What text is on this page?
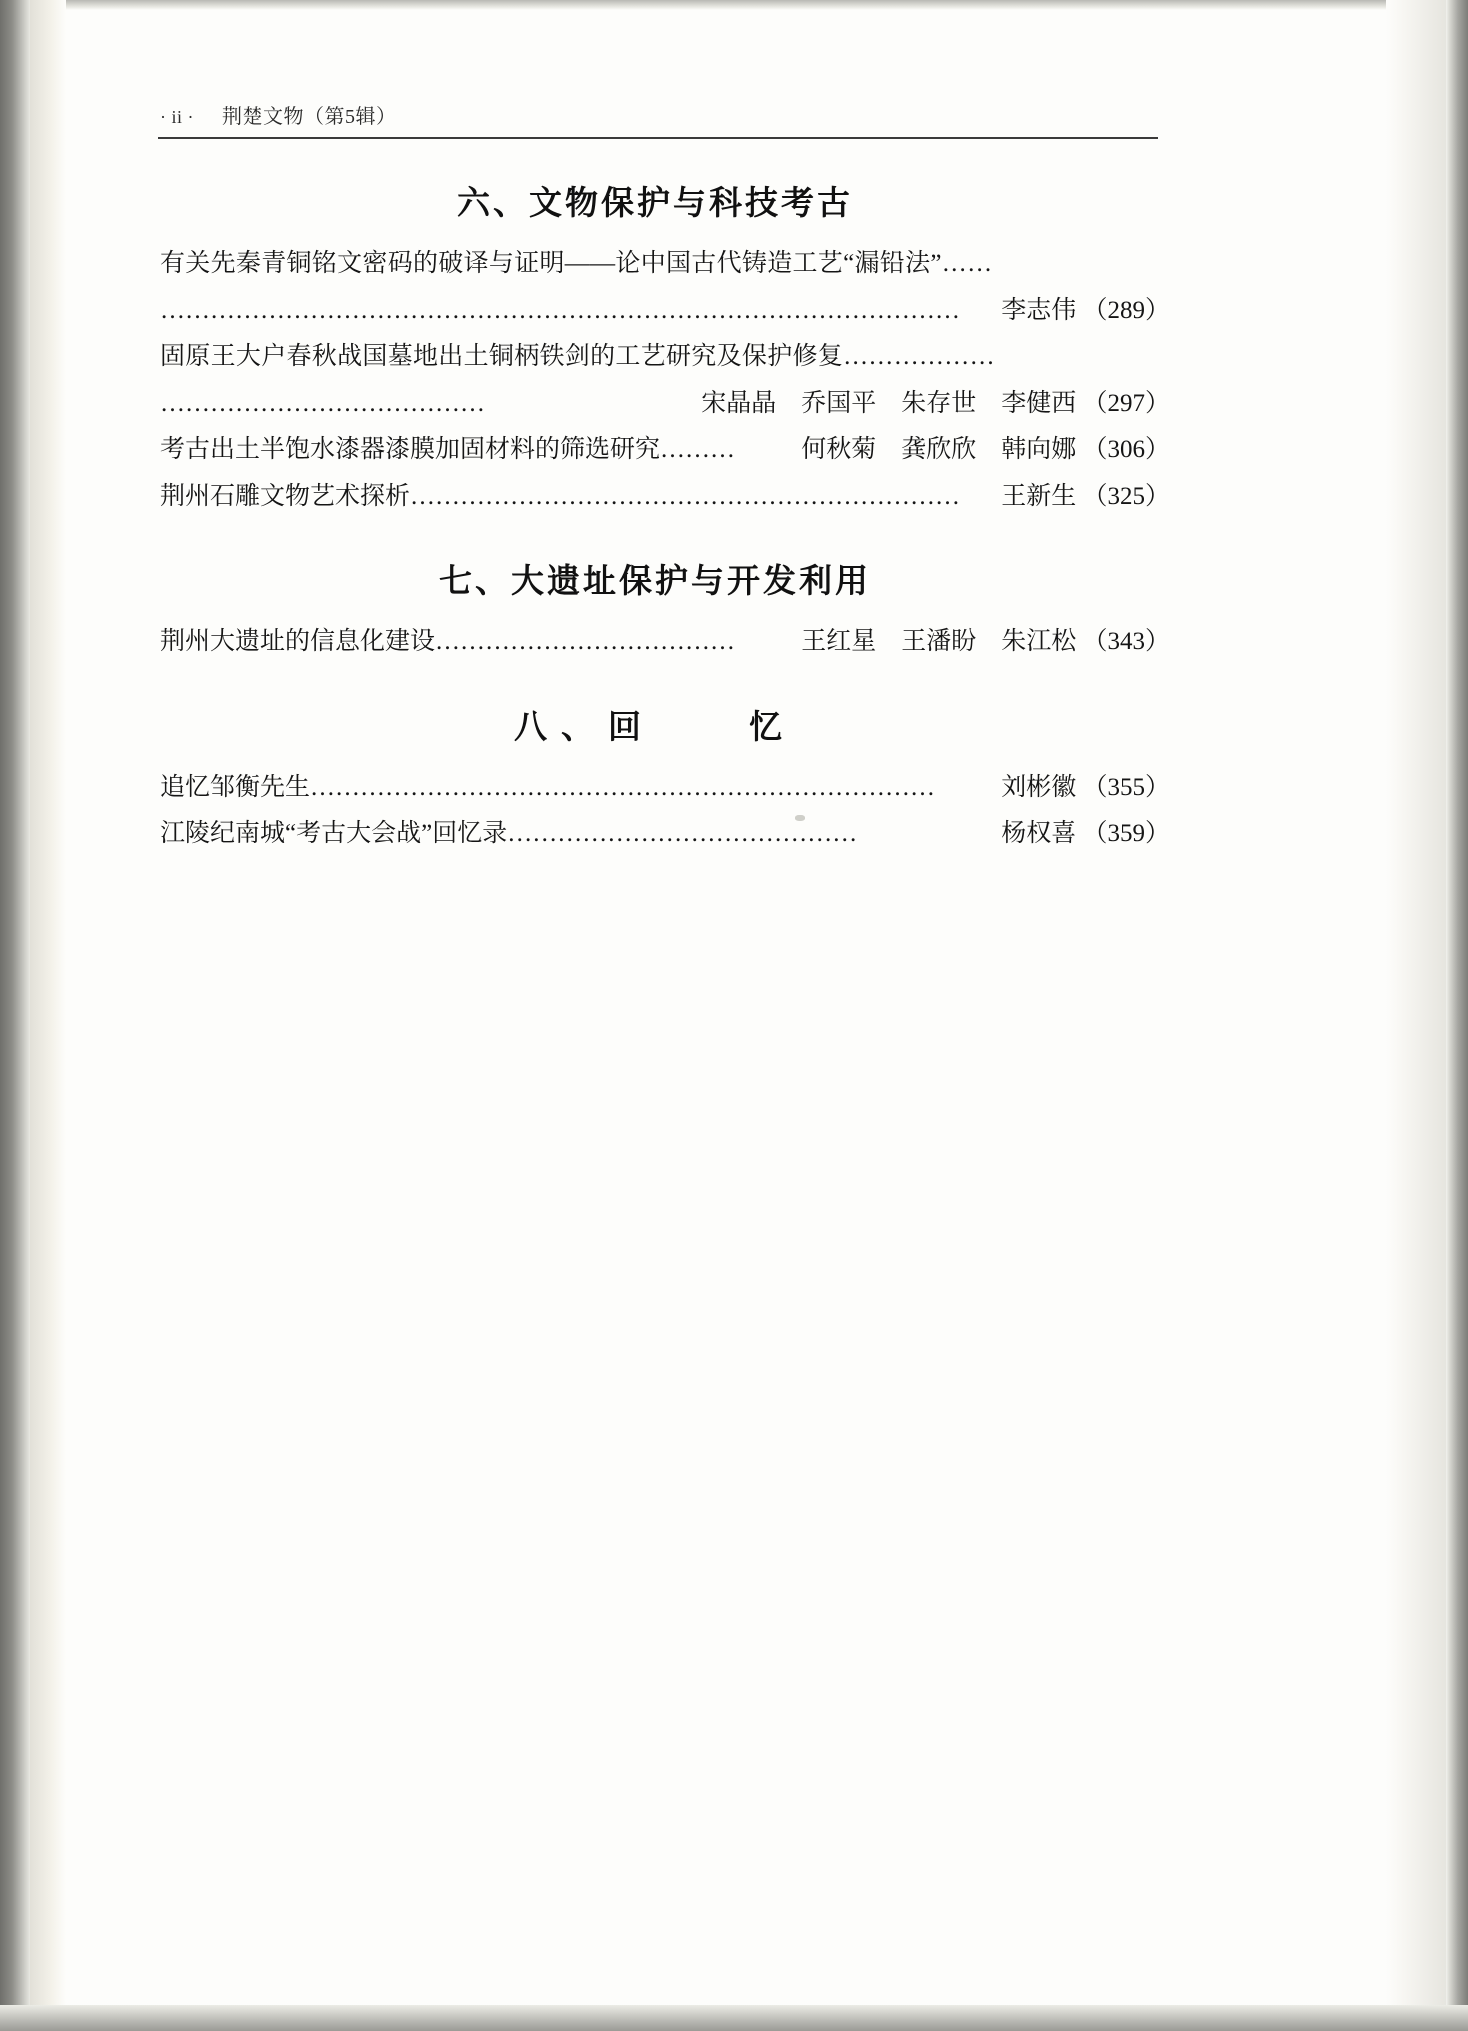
· ii · 荆楚文物（第5辑）
六、文物保护与科技考古
有关先秦青铜铭文密码的破译与证明——论中国古代铸造工艺“漏铅法”……
…………………………………………………………………………………… 李志伟 （289）
固原王大户春秋战国墓地出土铜柄铁剑的工艺研究及保护修复………………
…………………………………	宋晶晶　乔国平　朱存世　李健西 （297）
考古出土半饱水漆器漆膜加固材料的筛选研究………	何秋菊　龚欣欣　韩向娜 （306）
荆州石雕文物艺术探析………………………………………………………… 王新生 （325）
七、大遗址保护与开发利用
荆州大遗址的信息化建设………………………………	王红星　王潘盼　朱江松 （343）
八、回　　忆
追忆邹衡先生…………………………………………………………………	刘彬徽 （355）
江陵纪南城“考古大会战”回忆录……………………………………	杨权喜 （359）
